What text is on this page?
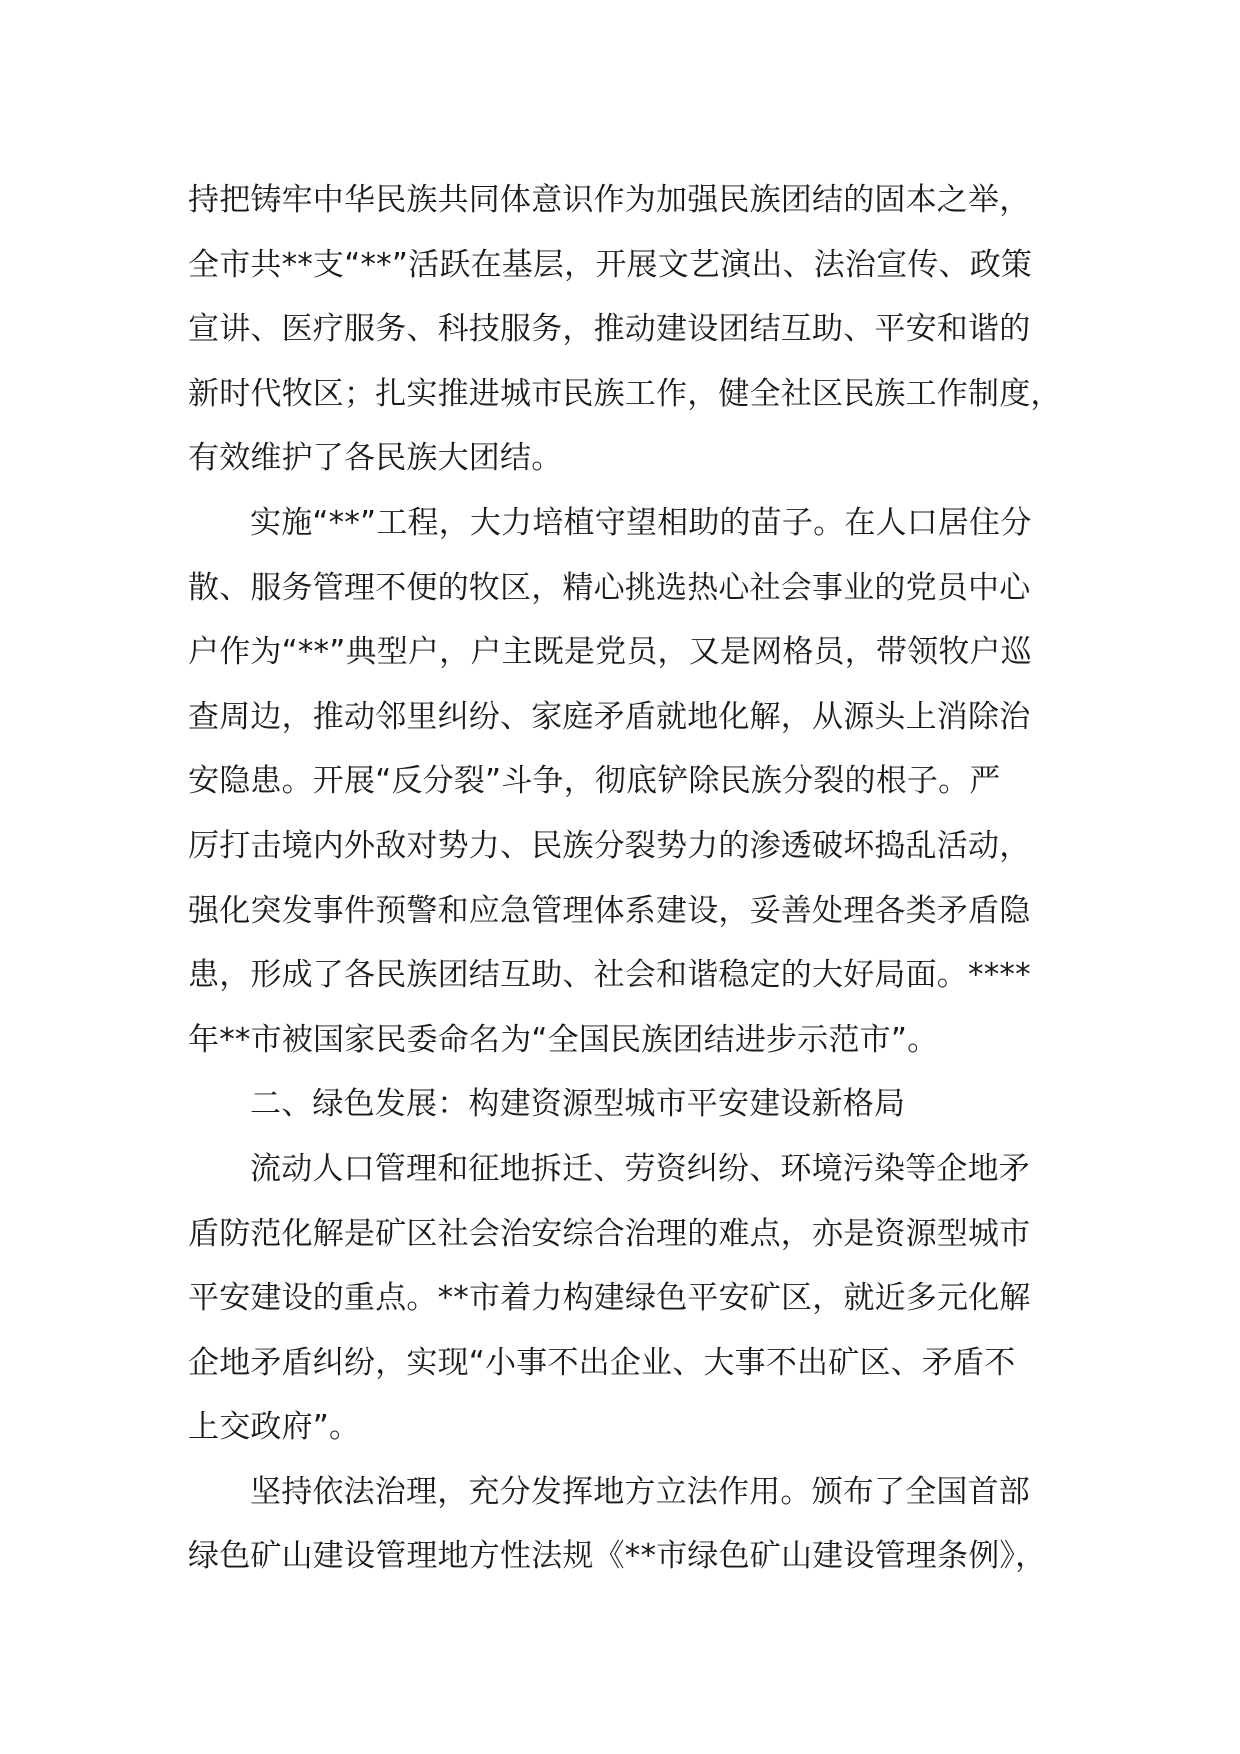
持把铸牢中华民族共同体意识作为加强民族团结的固本之举，
全市共**支“**”活跃在基层，开展文艺演出、法治宣传、政策
宣讲、医疗服务、科技服务，推动建设团结互助、平安和谐的
新时代牧区；扎实推进城市民族工作，健全社区民族工作制度，
有效维护了各民族大团结。
实施“**”工程，大力培植守望相助的苗子。在人口居住分
散、服务管理不便的牧区，精心挑选热心社会事业的党员中心
户作为“**”典型户，户主既是党员，又是网格员，带领牧户巡
查周边，推动邻里纠纷、家庭矛盾就地化解，从源头上消除治
安隐患。开展“反分裂”斗争，彻底铲除民族分裂的根子。严
厉打击境内外敌对势力、民族分裂势力的渗透破坏捣乱活动，
强化突发事件预警和应急管理体系建设，妥善处理各类矛盾隐
患，形成了各民族团结互助、社会和谐稳定的大好局面。****
年**市被国家民委命名为“全国民族团结进步示范市”。
二、绿色发展：构建资源型城市平安建设新格局
流动人口管理和征地拆迁、劳资纠纷、环境污染等企地矛
盾防范化解是矿区社会治安综合治理的难点，亦是资源型城市
平安建设的重点。**市着力构建绿色平安矿区，就近多元化解
企地矛盾纠纷，实现“小事不出企业、大事不出矿区、矛盾不
上交政府”。
坚持依法治理，充分发挥地方立法作用。颁布了全国首部
绿色矿山建设管理地方性法规《**市绿色矿山建设管理条例》，
